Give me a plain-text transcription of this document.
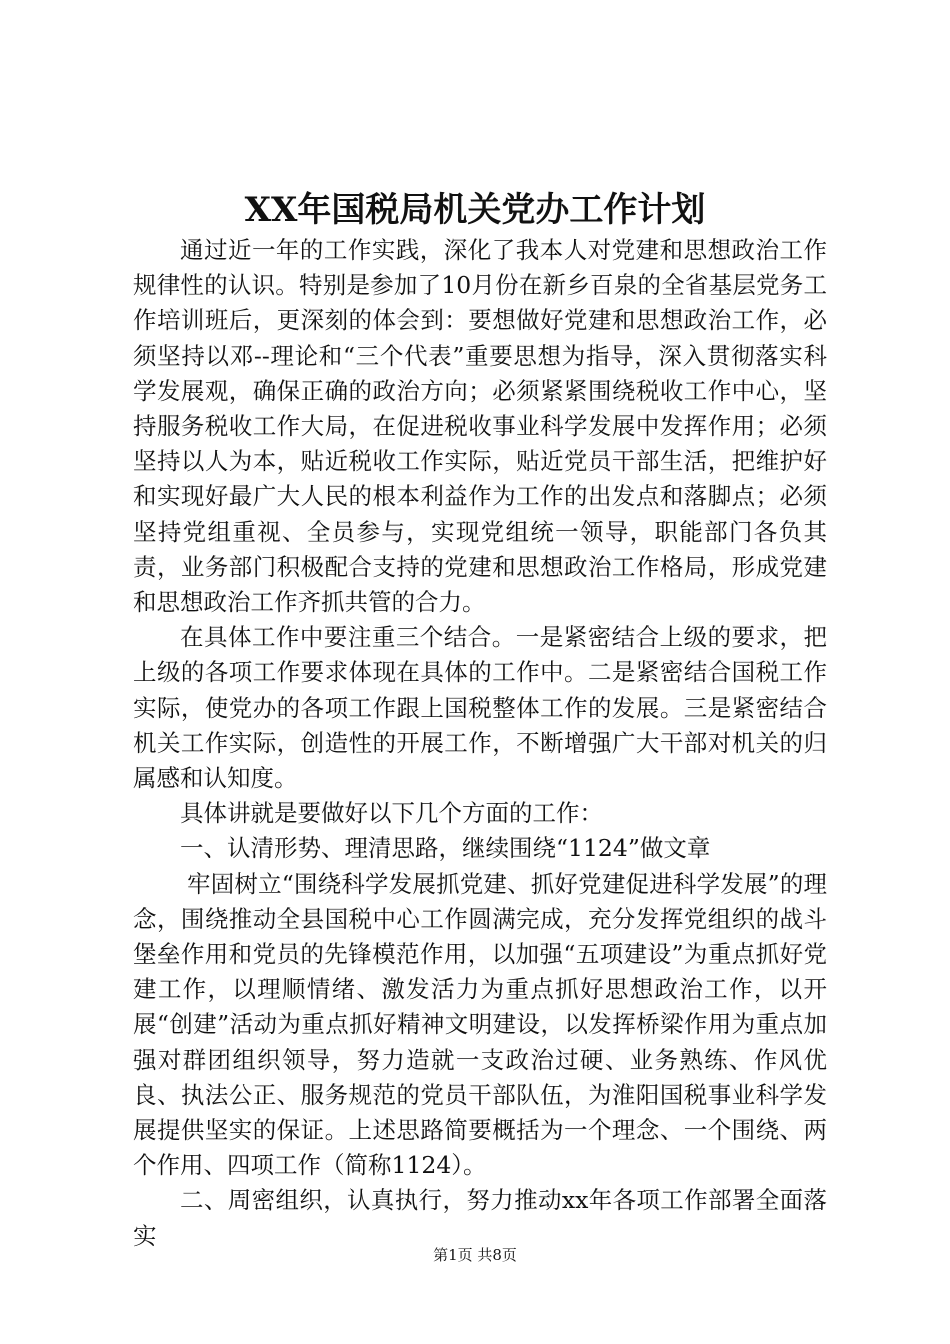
XX年国税局机关党办工作计划

通过近一年的工作实践，深化了我本人对党建和思想政治工作规律性的认识。特别是参加了10月份在新乡百泉的全省基层党务工作培训班后，更深刻的体会到：要想做好党建和思想政治工作，必须坚持以邓--理论和“三个代表”重要思想为指导，深入贯彻落实科学发展观，确保正确的政治方向；必须紧紧围绕税收工作中心，坚持服务税收工作大局，在促进税收事业科学发展中发挥作用；必须坚持以人为本，贴近税收工作实际，贴近党员干部生活，把维护好和实现好最广大人民的根本利益作为工作的出发点和落脚点；必须坚持党组重视、全员参与，实现党组统一领导，职能部门各负其责，业务部门积极配合支持的党建和思想政治工作格局，形成党建和思想政治工作齐抓共管的合力。

在具体工作中要注重三个结合。一是紧密结合上级的要求，把上级的各项工作要求体现在具体的工作中。二是紧密结合国税工作实际，使党办的各项工作跟上国税整体工作的发展。三是紧密结合机关工作实际，创造性的开展工作，不断增强广大干部对机关的归属感和认知度。

具体讲就是要做好以下几个方面的工作：

一、认清形势、理清思路，继续围绕“1124”做文章

牢固树立“围绕科学发展抓党建、抓好党建促进科学发展”的理念，围绕推动全县国税中心工作圆满完成，充分发挥党组织的战斗堡垒作用和党员的先锋模范作用，以加强“五项建设”为重点抓好党建工作，以理顺情绪、激发活力为重点抓好思想政治工作，以开展“创建”活动为重点抓好精神文明建设，以发挥桥梁作用为重点加强对群团组织领导，努力造就一支政治过硬、业务熟练、作风优良、执法公正、服务规范的党员干部队伍，为淮阳国税事业科学发展提供坚实的保证。上述思路简要概括为一个理念、一个围绕、两个作用、四项工作（简称1124）。

二、周密组织，认真执行，努力推动xx年各项工作部署全面落实

第1页 共8页
